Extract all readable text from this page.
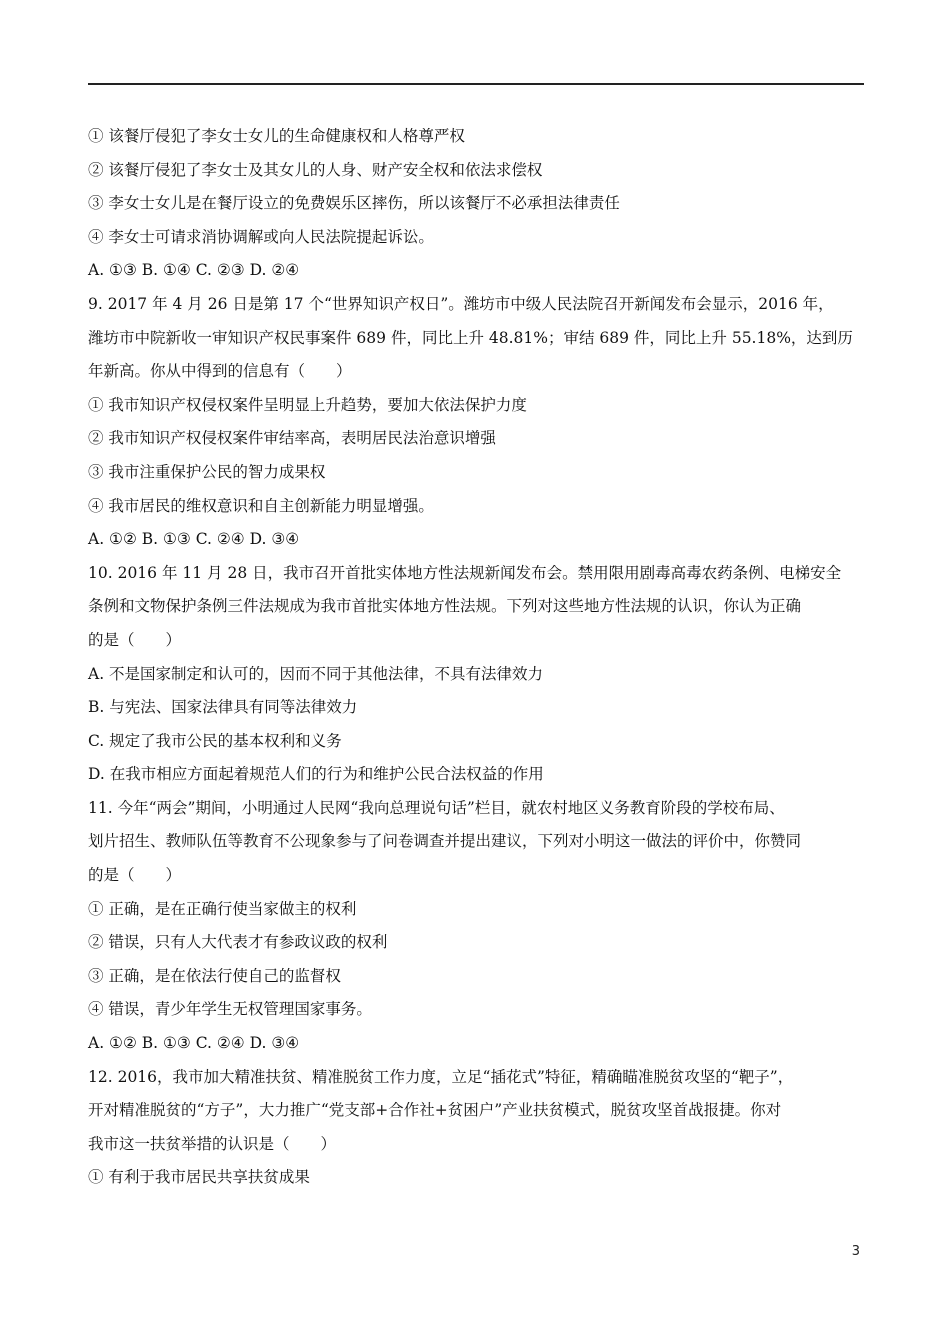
① 该餐厅侵犯了李女士女儿的生命健康权和人格尊严权
② 该餐厅侵犯了李女士及其女儿的人身、财产安全权和依法求偿权
③ 李女士女儿是在餐厅设立的免费娱乐区摔伤，所以该餐厅不必承担法律责任
④ 李女士可请求消协调解或向人民法院提起诉讼。
A. ①③ B. ①④ C. ②③ D. ②④
9. 2017 年 4 月 26 日是第 17 个“世界知识产权日”。潍坊市中级人民法院召开新闻发布会显示，2016 年，
潍坊市中院新收一审知识产权民事案件 689 件，同比上升 48.81%；审结 689 件，同比上升 55.18%，达到历
年新高。你从中得到的信息有（　　）
① 我市知识产权侵权案件呈明显上升趋势，要加大依法保护力度
② 我市知识产权侵权案件审结率高，表明居民法治意识增强
③ 我市注重保护公民的智力成果权
④ 我市居民的维权意识和自主创新能力明显增强。
A. ①② B. ①③ C. ②④ D. ③④
10. 2016 年 11 月 28 日，我市召开首批实体地方性法规新闻发布会。禁用限用剧毒高毒农药条例、电梯安全
条例和文物保护条例三件法规成为我市首批实体地方性法规。下列对这些地方性法规的认识，你认为正确
的是（　　）
A. 不是国家制定和认可的，因而不同于其他法律，不具有法律效力
B. 与宪法、国家法律具有同等法律效力
C. 规定了我市公民的基本权利和义务
D. 在我市相应方面起着规范人们的行为和维护公民合法权益的作用
11. 今年“两会”期间，小明通过人民网“我向总理说句话”栏目，就农村地区义务教育阶段的学校布局、
划片招生、教师队伍等教育不公现象参与了问卷调查并提出建议，下列对小明这一做法的评价中，你赞同
的是（　　）
① 正确，是在正确行使当家做主的权利
② 错误，只有人大代表才有参政议政的权利
③ 正确，是在依法行使自己的监督权
④ 错误，青少年学生无权管理国家事务。
A. ①② B. ①③ C. ②④ D. ③④
12. 2016，我市加大精准扶贫、精准脱贫工作力度，立足“插花式”特征，精确瞄准脱贫攻坚的“靶子”，
开对精准脱贫的“方子”，大力推广“党支部+合作社+贫困户”产业扶贫模式，脱贫攻坚首战报捷。你对
我市这一扶贫举措的认识是（　　）
① 有利于我市居民共享扶贫成果
3
